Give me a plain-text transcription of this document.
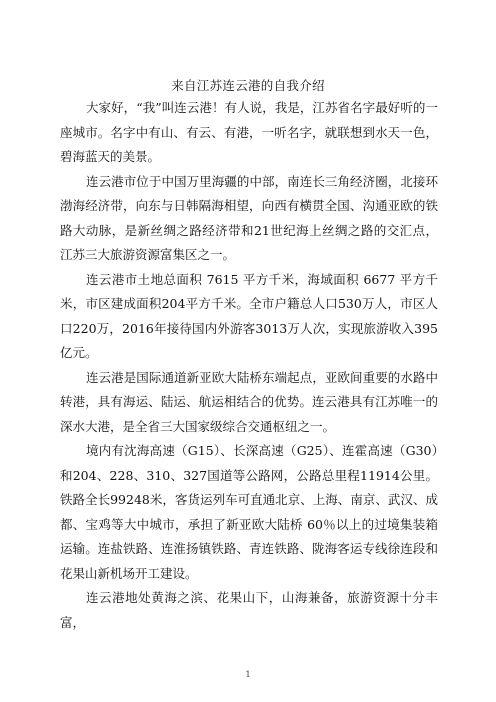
来自江苏连云港的自我介绍

大家好，“我”叫连云港！有人说，我是，江苏省名字最好听的一座城市。名字中有山、有云、有港，一听名字，就联想到水天一色，碧海蓝天的美景。

连云港市位于中国万里海疆的中部，南连长三角经济圈，北接环渤海经济带，向东与日韩隔海相望，向西有横贯全国、沟通亚欧的铁路大动脉，是新丝绸之路经济带和21世纪海上丝绸之路的交汇点，江苏三大旅游资源富集区之一。

连云港市土地总面积 7615 平方千米，海域面积 6677 平方千米，市区建成面积204平方千米。全市户籍总人口530万人，市区人口220万，2016年接待国内外游客3013万人次，实现旅游收入395亿元。

连云港是国际通道新亚欧大陆桥东端起点，亚欧间重要的水路中转港，具有海运、陆运、航运相结合的优势。连云港具有江苏唯一的深水大港，是全省三大国家级综合交通枢纽之一。

境内有沈海高速（G15）、长深高速（G25）、连霍高速（G30）和204、228、310、327国道等公路网，公路总里程11914公里。铁路全长99248米，客货运列车可直通北京、上海、南京、武汉、成都、宝鸡等大中城市，承担了新亚欧大陆桥 60％以上的过境集装箱运输。连盐铁路、连淮扬镇铁路、青连铁路、陇海客运专线徐连段和花果山新机场开工建设。

连云港地处黄海之滨、花果山下，山海兼备，旅游资源十分丰富，

1
